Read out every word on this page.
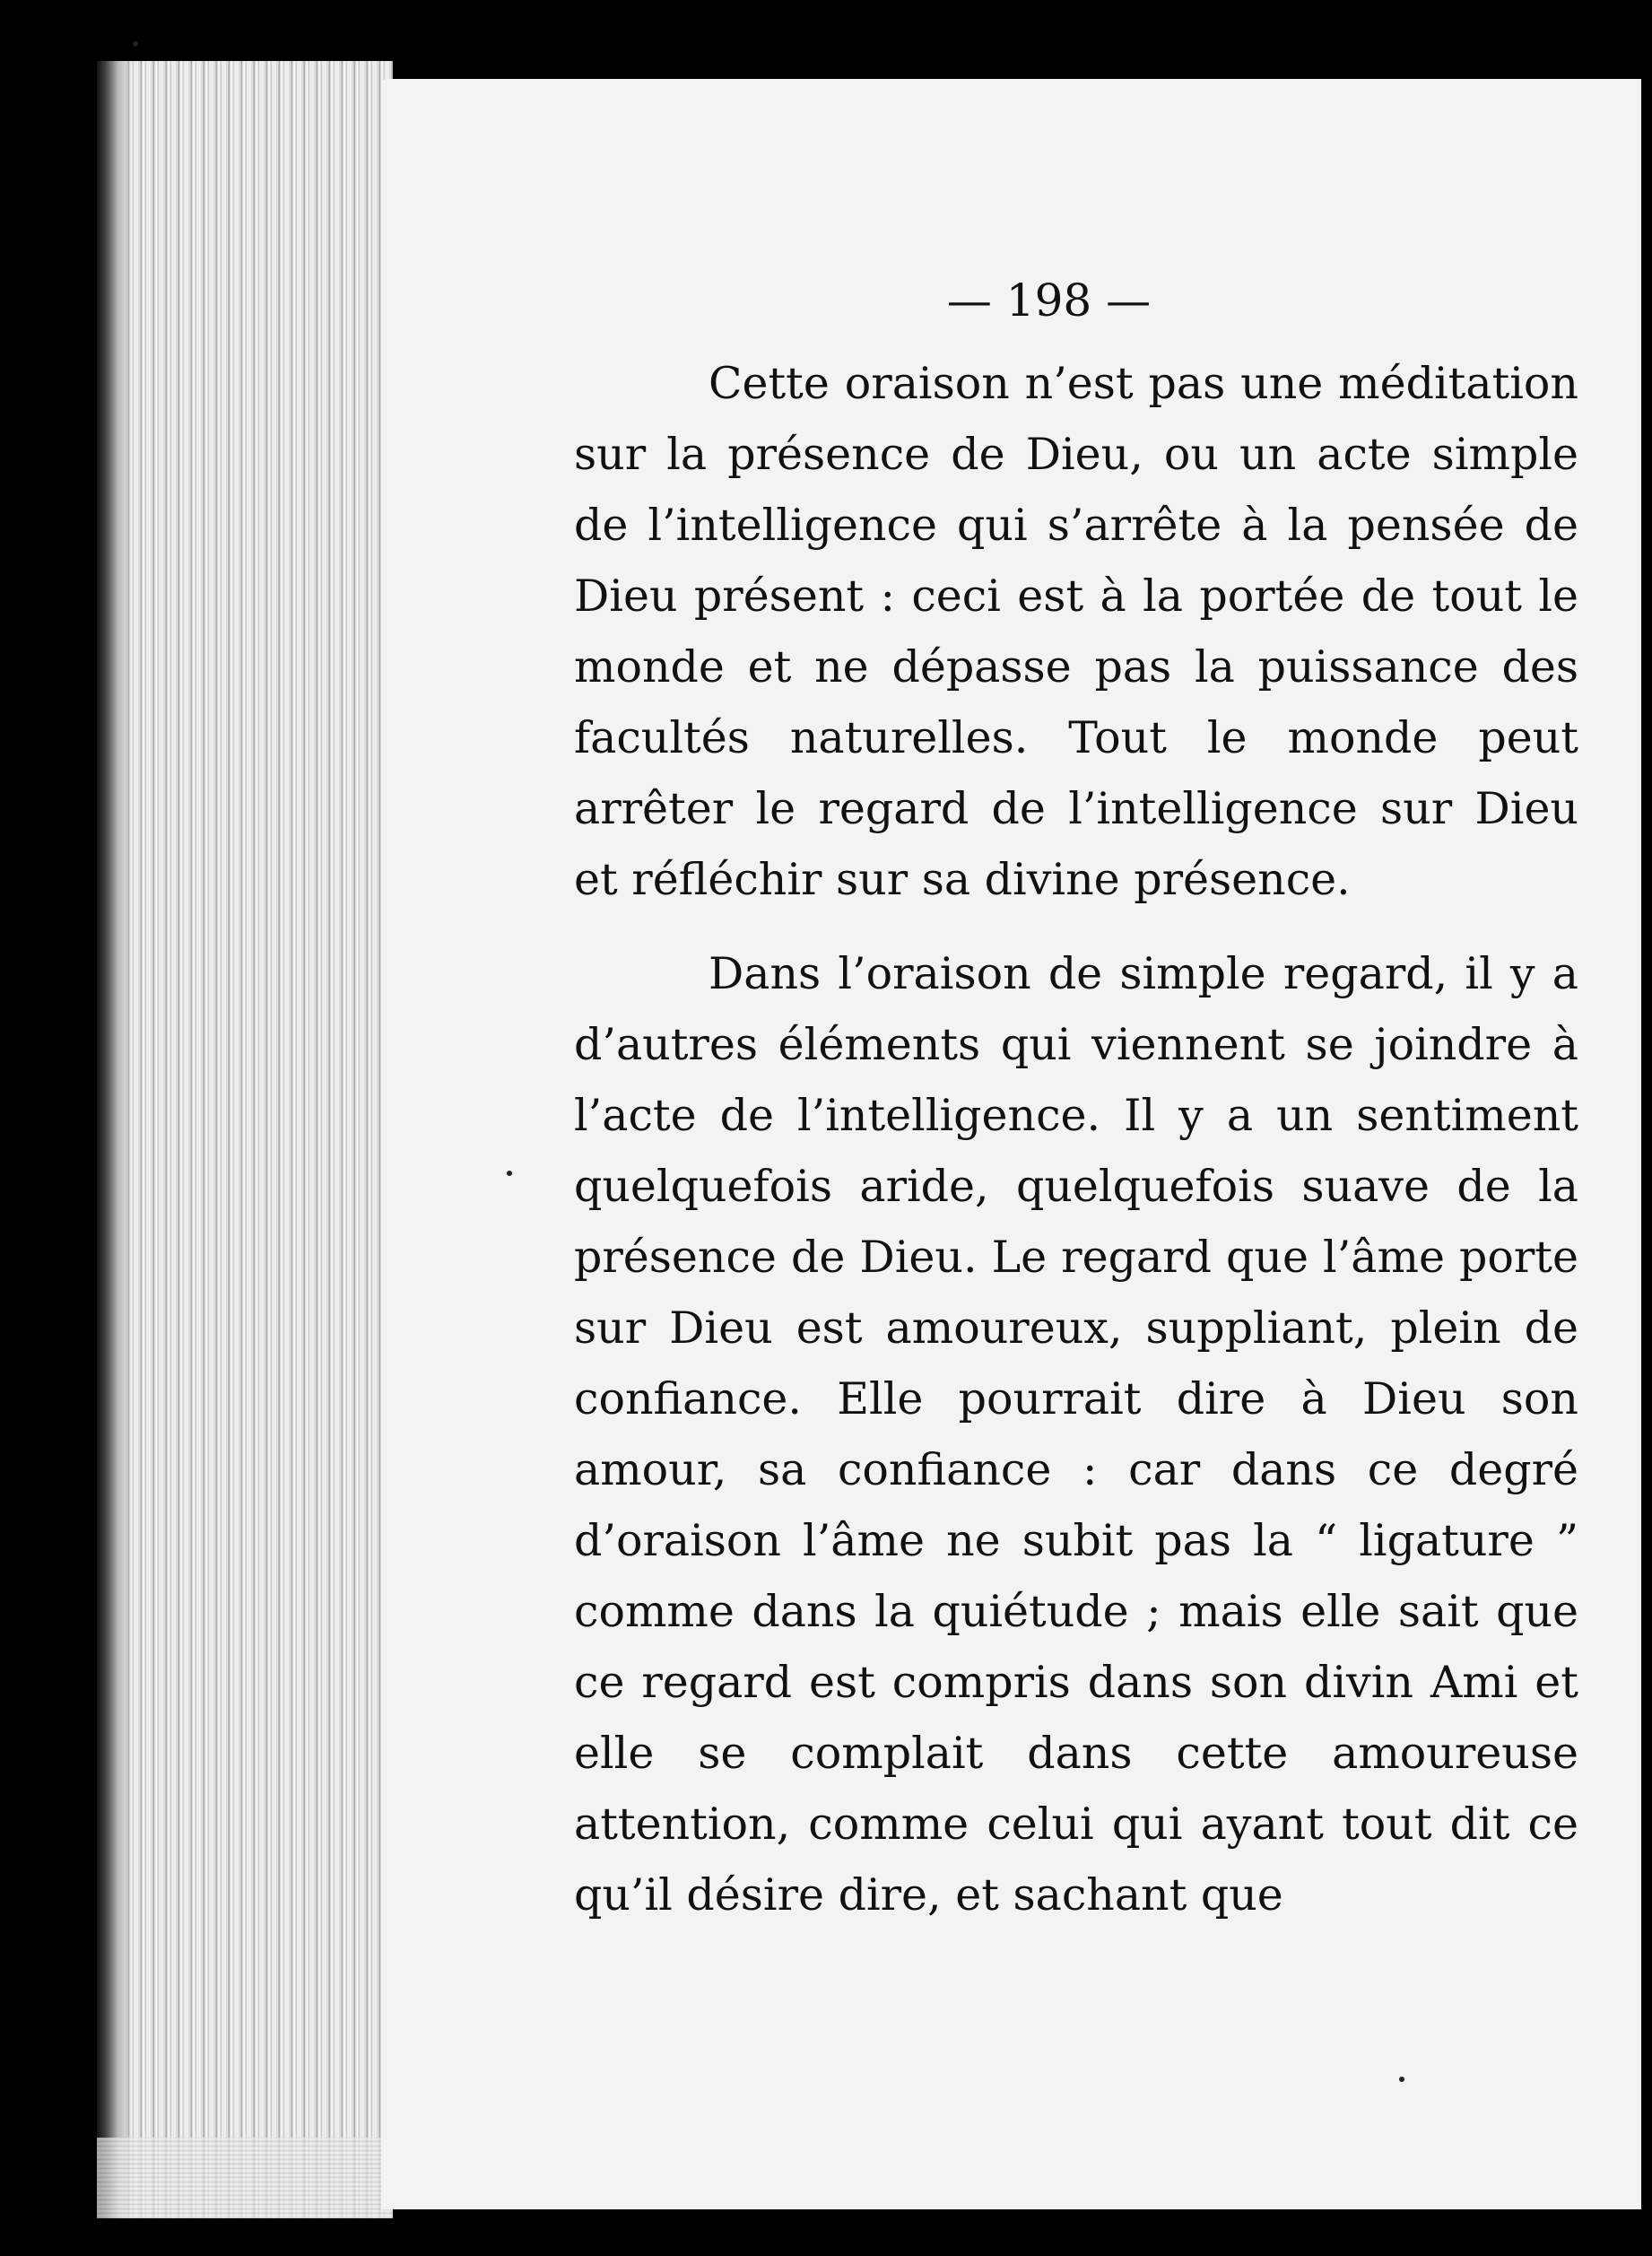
— 198 —

Cette oraison n’est pas une méditation sur la présence de Dieu, ou un acte simple de l’intelligence qui s’arrête à la pensée de Dieu présent : ceci est à la portée de tout le monde et ne dépasse pas la puissance des facultés naturelles. Tout le monde peut arrêter le regard de l’intelligence sur Dieu et réfléchir sur sa divine présence.

Dans l’oraison de simple regard, il y a d’autres éléments qui viennent se joindre à l’acte de l’intelligence. Il y a un sentiment quelquefois aride, quelquefois suave de la présence de Dieu. Le regard que l’âme porte sur Dieu est amoureux, suppliant, plein de confiance. Elle pourrait dire à Dieu son amour, sa confiance : car dans ce degré d’oraison l’âme ne subit pas la “ ligature ” comme dans la quiétude ; mais elle sait que ce regard est compris dans son divin Ami et elle se complait dans cette amoureuse attention, comme celui qui ayant tout dit ce qu’il désire dire, et sachant que
